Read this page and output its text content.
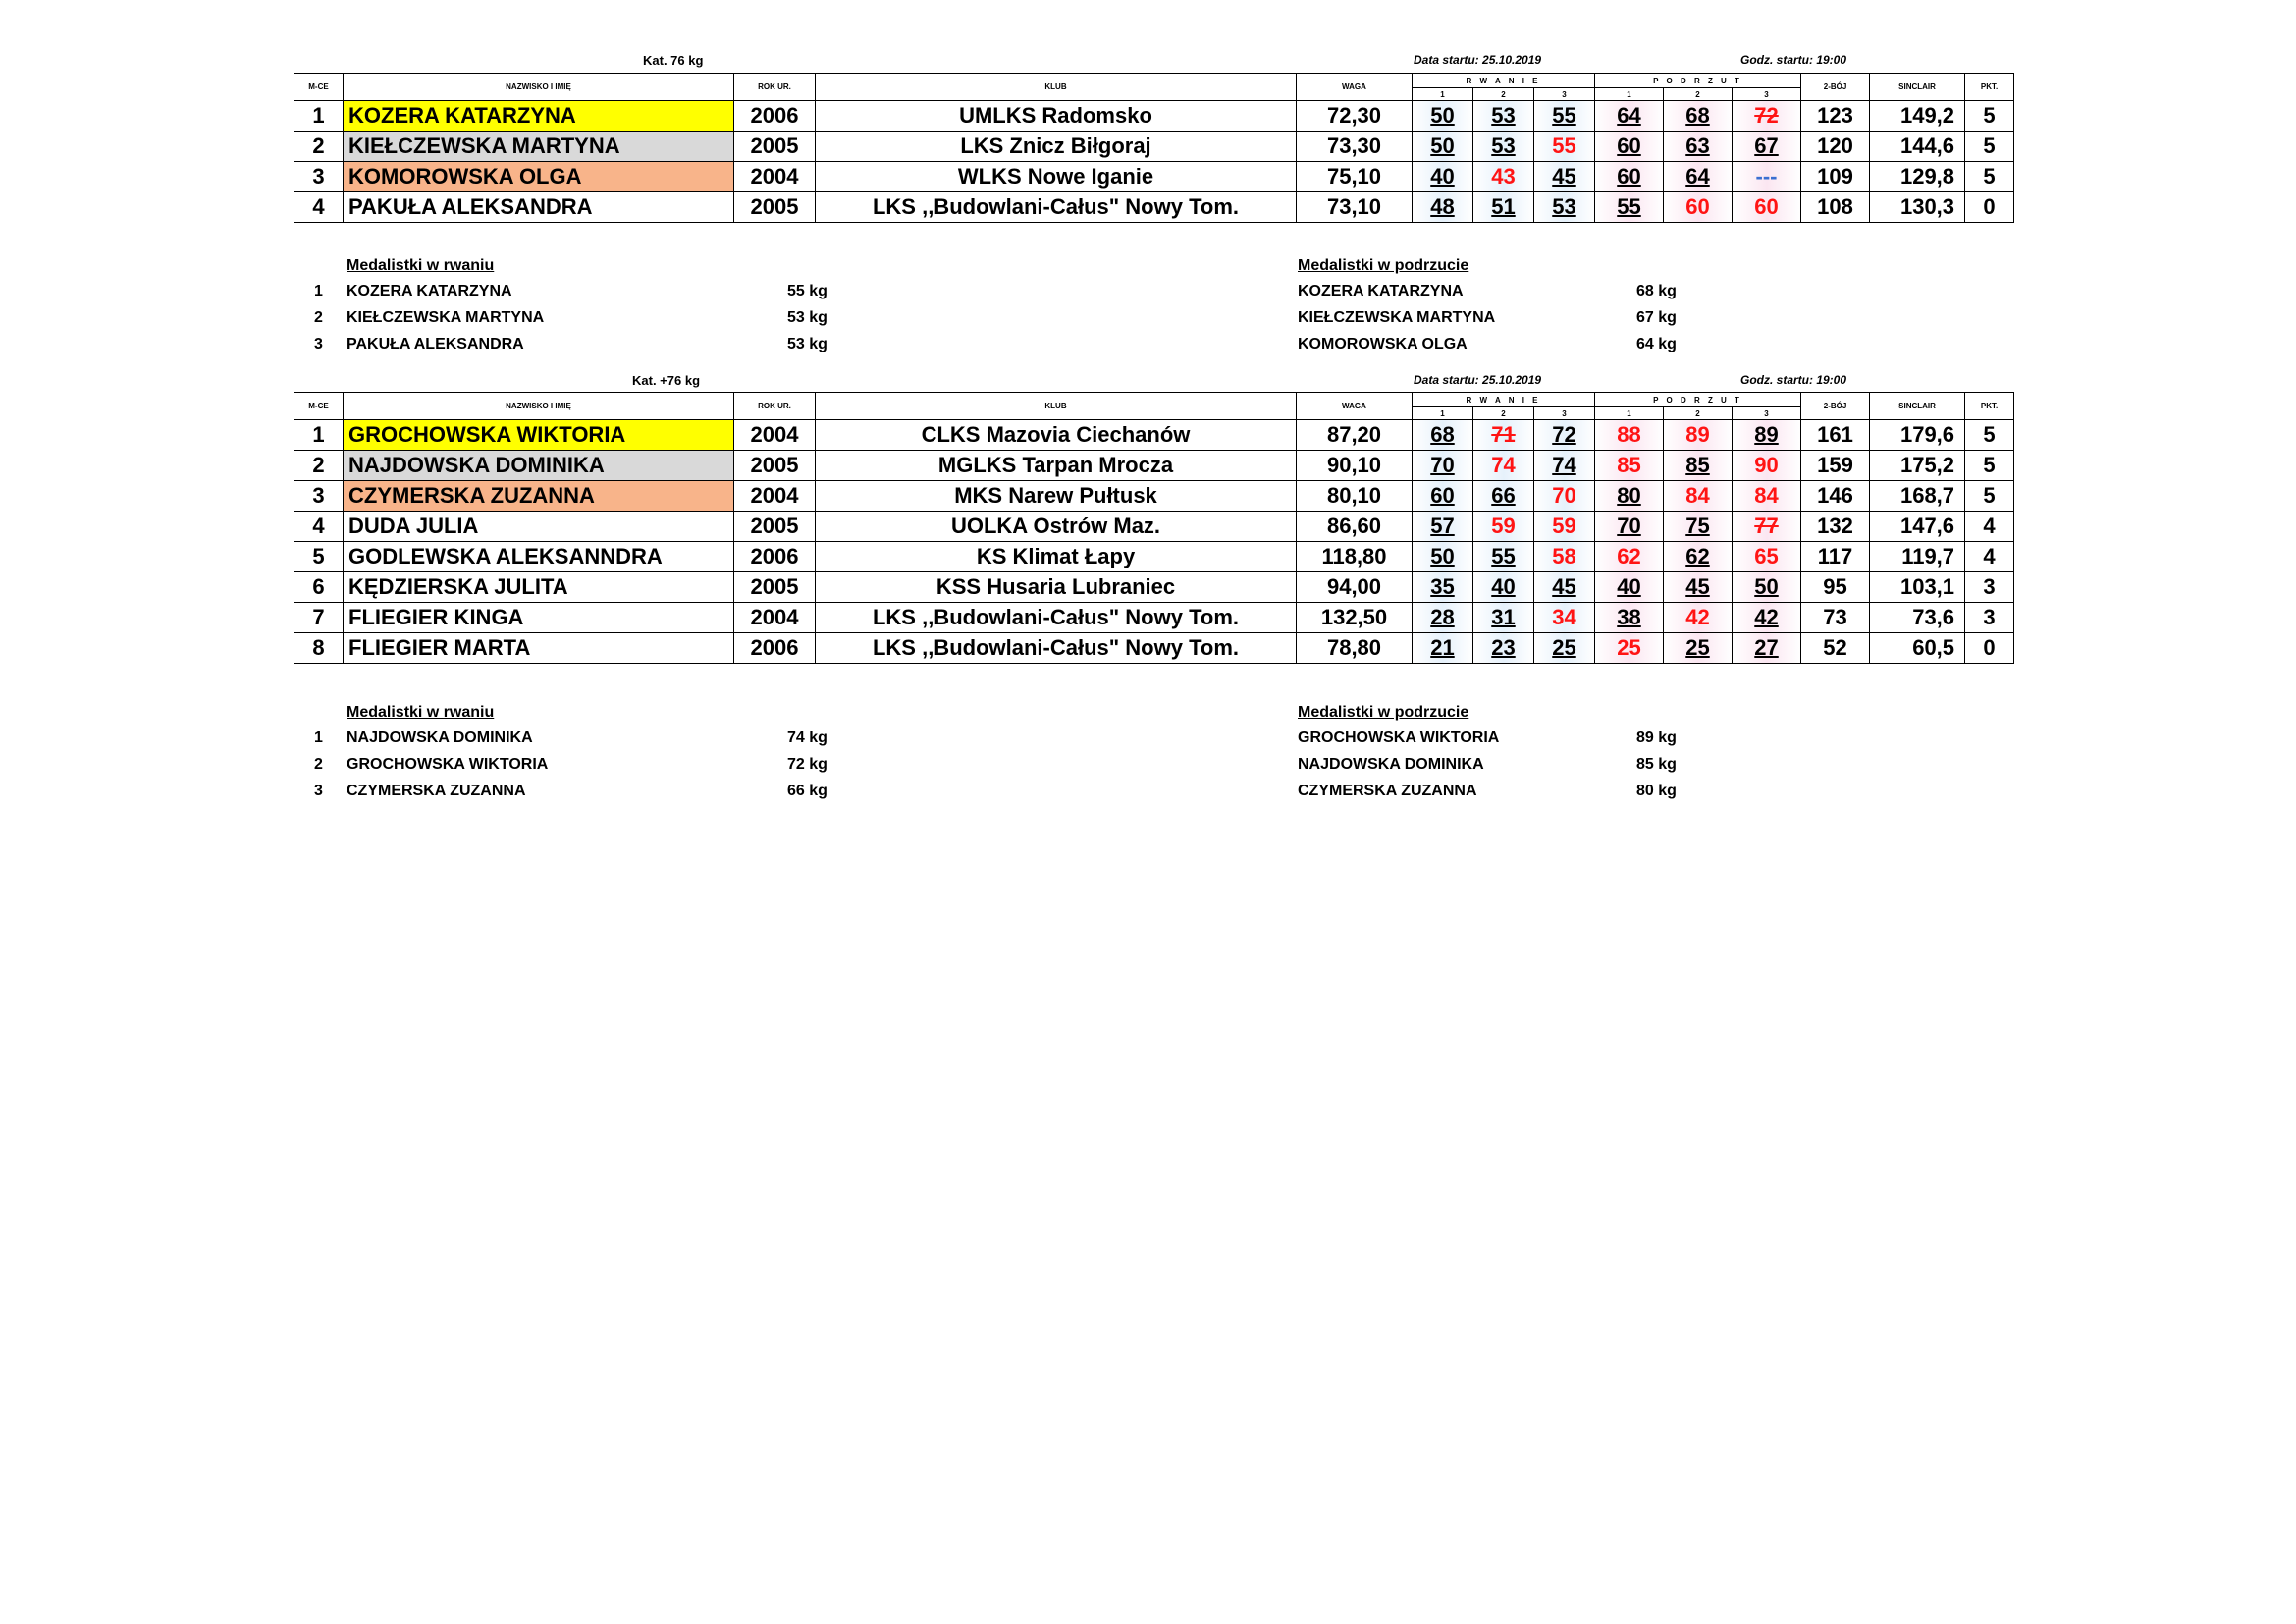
Kat. 76 kg	Data startu: 25.10.2019	Godz. startu: 19:00
M-CE	NAZWISKO I IMIĘ	ROK UR.	KLUB	WAGA	R W A N I E			P O D R Z U T			2-BÓJ	SINCLAIR	PKT.
					1	2	3	1	2	3			
1	KOZERA KATARZYNA	2006	UMLKS Radomsko	72,30	50	53	55	64	68	72	123	149,2	5
2	KIEŁCZEWSKA MARTYNA	2005	LKS Znicz Biłgoraj	73,30	50	53	55	60	63	67	120	144,6	5
3	KOMOROWSKA OLGA	2004	WLKS Nowe Iganie	75,10	40	43	45	60	64	---	109	129,8	5
4	PAKUŁA ALEKSANDRA	2005	LKS ,,Budowlani-Całus" Nowy Tom.	73,10	48	51	53	55	60	60	108	130,3	0
Medalistki w rwaniu	Medalistki w podrzucie
1 KOZERA KATARZYNA	55 kg
2 KIEŁCZEWSKA MARTYNA	53 kg
3 PAKUŁA ALEKSANDRA	53 kg
KOZERA KATARZYNA	68 kg
KIEŁCZEWSKA MARTYNA	67 kg
KOMOROWSKA OLGA	64 kg
Kat. +76 kg	Data startu: 25.10.2019	Godz. startu: 19:00
M-CE	NAZWISKO I IMIĘ	ROK UR.	KLUB	WAGA	R W A N I E			P O D R Z U T			2-BÓJ	SINCLAIR	PKT.
					1	2	3	1	2	3			
1	GROCHOWSKA WIKTORIA	2004	CLKS Mazovia Ciechanów	87,20	68	71	72	88	89	89	161	179,6	5
2	NAJDOWSKA DOMINIKA	2005	MGLKS Tarpan Mrocza	90,10	70	74	74	85	85	90	159	175,2	5
3	CZYMERSKA ZUZANNA	2004	MKS Narew Pułtusk	80,10	60	66	70	80	84	84	146	168,7	5
4	DUDA JULIA	2005	UOLKA Ostrów Maz.	86,60	57	59	59	70	75	77	132	147,6	4
5	GODLEWSKA ALEKSANNDRA	2006	KS Klimat Łapy	118,80	50	55	58	62	62	65	117	119,7	4
6	KĘDZIERSKA JULITA	2005	KSS Husaria Lubraniec	94,00	35	40	45	40	45	50	95	103,1	3
7	FLIEGIER KINGA	2004	LKS ,,Budowlani-Całus" Nowy Tom.	132,50	28	31	34	38	42	42	73	73,6	3
8	FLIEGIER MARTA	2006	LKS ,,Budowlani-Całus" Nowy Tom.	78,80	21	23	25	25	25	27	52	60,5	0
Medalistki w rwaniu	Medalistki w podrzucie
1 NAJDOWSKA DOMINIKA	74 kg
2 GROCHOWSKA WIKTORIA	72 kg
3 CZYMERSKA ZUZANNA	66 kg
GROCHOWSKA WIKTORIA	89 kg
NAJDOWSKA DOMINIKA	85 kg
CZYMERSKA ZUZANNA	80 kg
